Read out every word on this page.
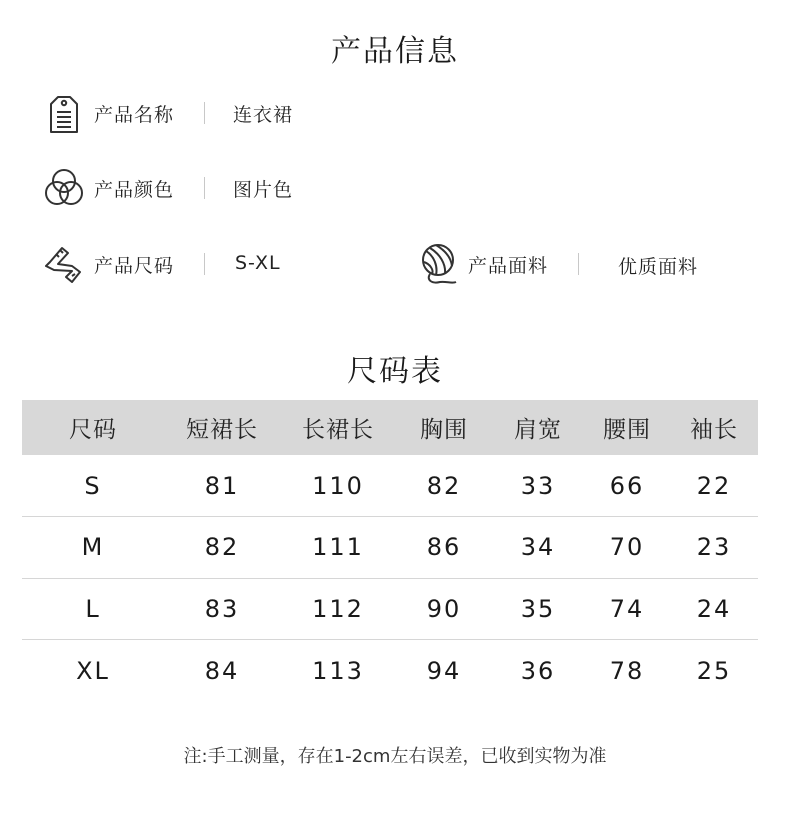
产品信息
产品名称	连衣裙
产品颜色	图片色
产品尺码	S-XL	产品面料	优质面料
尺码表
尺码	短裙长	长裙长	胸围	肩宽	腰围	袖长
S	81	110	82	33	66	22
M	82	111	86	34	70	23
L	83	112	90	35	74	24
XL	84	113	94	36	78	25
注:手工测量，存在1-2cm左右误差，已收到实物为准
